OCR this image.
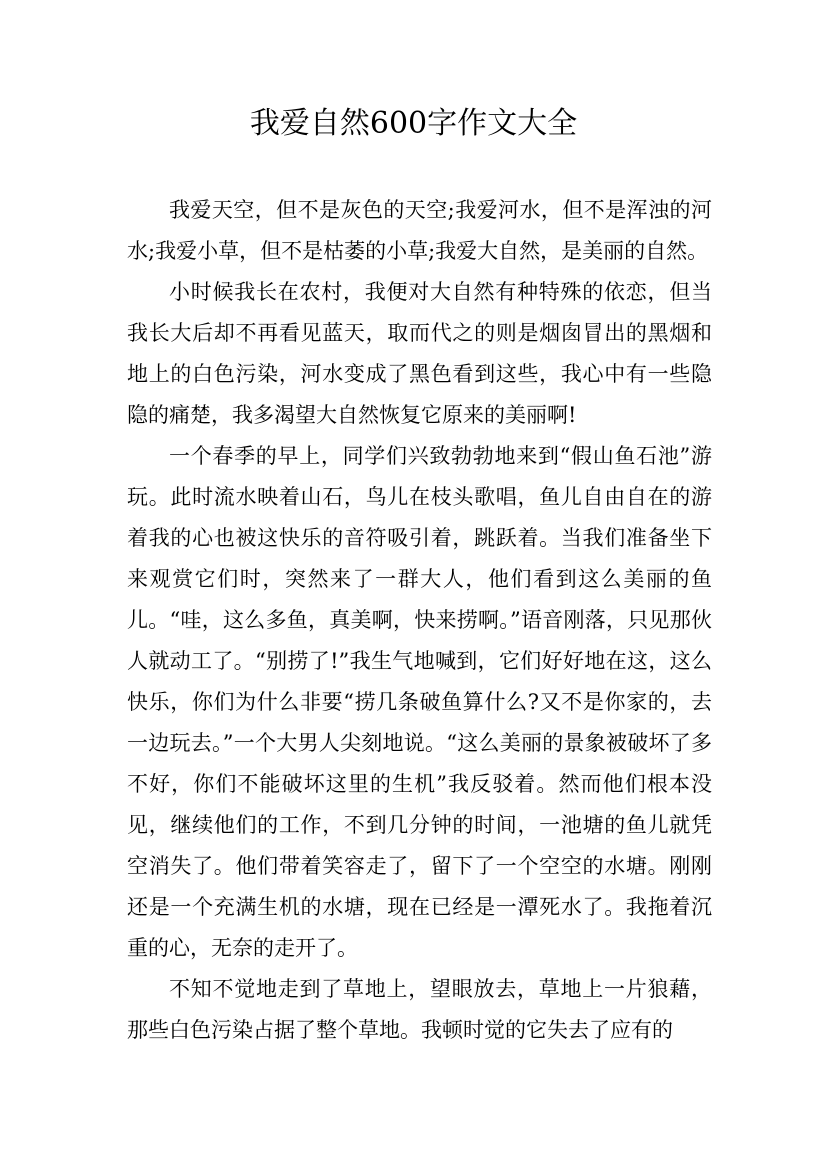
我爱自然600字作文大全

我爱天空，但不是灰色的天空;我爱河水，但不是浑浊的河水;我爱小草，但不是枯萎的小草;我爱大自然，是美丽的自然。

小时候我长在农村，我便对大自然有种特殊的依恋，但当我长大后却不再看见蓝天，取而代之的则是烟囱冒出的黑烟和地上的白色污染，河水变成了黑色看到这些，我心中有一些隐隐的痛楚，我多渴望大自然恢复它原来的美丽啊!

一个春季的早上，同学们兴致勃勃地来到“假山鱼石池”游玩。此时流水映着山石，鸟儿在枝头歌唱，鱼儿自由自在的游着我的心也被这快乐的音符吸引着，跳跃着。当我们准备坐下来观赏它们时，突然来了一群大人，他们看到这么美丽的鱼儿。“哇，这么多鱼，真美啊，快来捞啊。”语音刚落，只见那伙人就动工了。“别捞了!”我生气地喊到，它们好好地在这，这么快乐，你们为什么非要“捞几条破鱼算什么?又不是你家的，去一边玩去。”一个大男人尖刻地说。“这么美丽的景象被破坏了多不好，你们不能破坏这里的生机”我反驳着。然而他们根本没见，继续他们的工作，不到几分钟的时间，一池塘的鱼儿就凭空消失了。他们带着笑容走了，留下了一个空空的水塘。刚刚还是一个充满生机的水塘，现在已经是一潭死水了。我拖着沉重的心，无奈的走开了。

不知不觉地走到了草地上，望眼放去，草地上一片狼藉，那些白色污染占据了整个草地。我顿时觉的它失去了应有的
